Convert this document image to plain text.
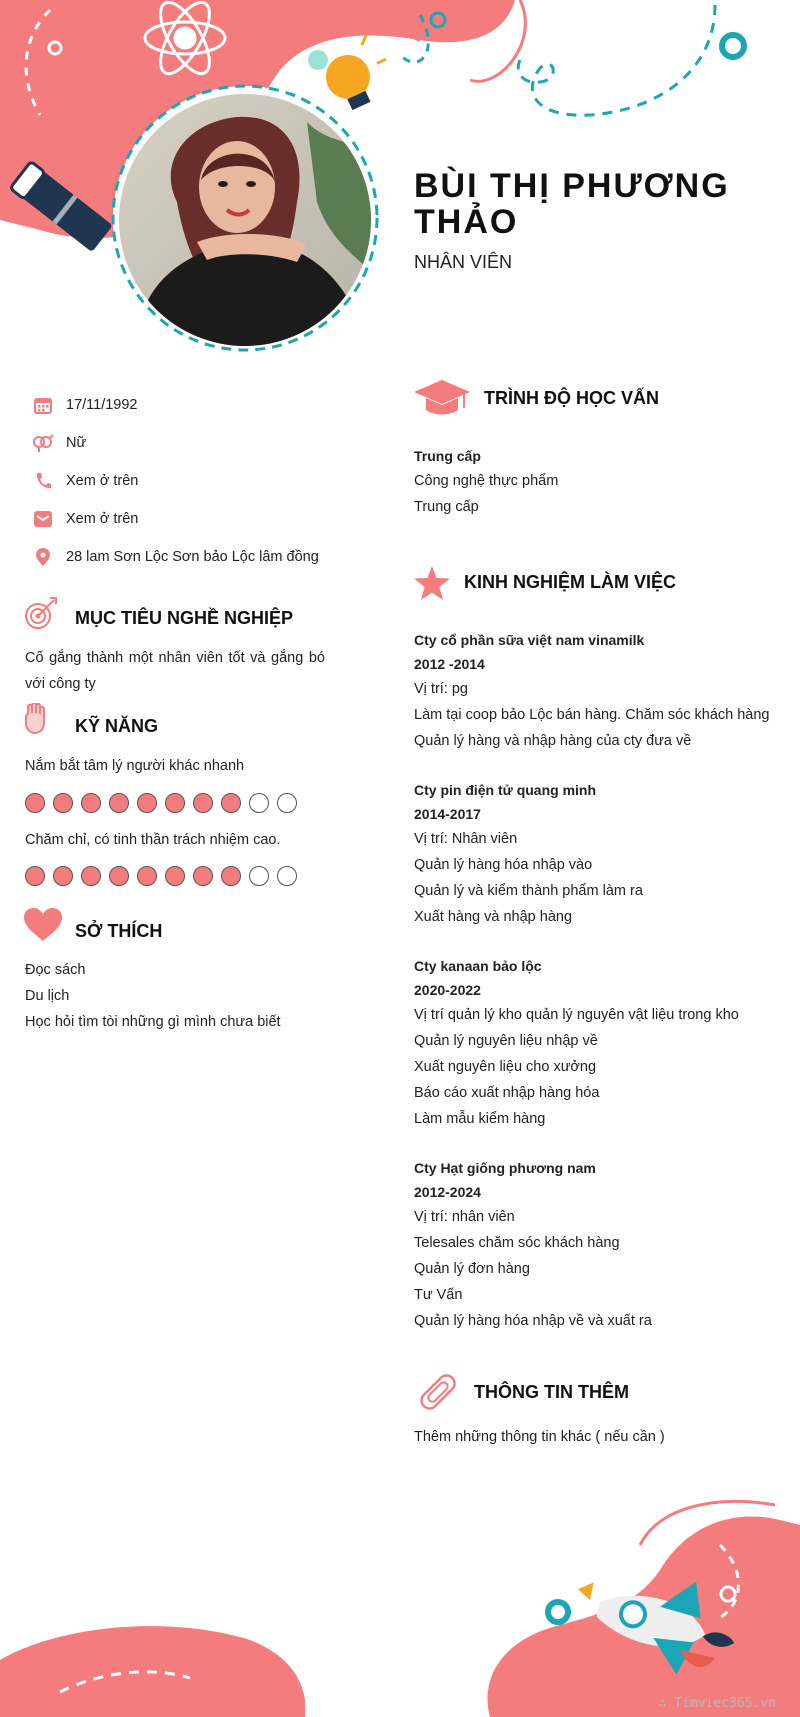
BÙI THỊ PHƯƠNG THẢO
NHÂN VIÊN
17/11/1992
Nữ
Xem ở trên
Xem ở trên
28 lam Sơn Lộc Sơn bảo Lộc lâm đồng
MỤC TIÊU NGHỀ NGHIỆP
Cố gắng thành một nhân viên tốt và gắng bó với công ty
KỸ NĂNG
Nắm bắt tâm lý người khác nhanh
Chăm chỉ, có tinh thần trách nhiệm cao.
SỞ THÍCH
Đọc sách
Du lịch
Học hỏi tìm tòi những gì mình chưa biết
TRÌNH ĐỘ HỌC VẤN
Trung cấp
Công nghệ thực phẩm
Trung cấp
KINH NGHIỆM LÀM VIỆC
Cty cổ phần sữa việt nam vinamilk
2012 -2014
Vị trí: pg
Làm tại coop bảo Lộc bán hàng. Chăm sóc khách hàng
Quản lý hàng và nhập hàng của cty đưa về
Cty pin điện tử quang minh
2014-2017
Vị trí: Nhân viên
Quản lý hàng hóa nhập vào
Quản lý và kiểm thành phẩm làm ra
Xuất hàng và nhập hàng
Cty kanaan bảo lộc
2020-2022
Vị trí quản lý kho quản lý nguyên vật liệu trong kho
Quản lý nguyên liệu nhập về
Xuất nguyên liệu cho xưởng
Báo cáo xuất nhập hàng hóa
Làm mẫu kiểm hàng
Cty Hạt giống phương nam
2012-2024
Vị trí: nhân viên
Telesales chăm sóc khách hàng
Quản lý đơn hàng
Tư Vấn
Quản lý hàng hóa nhập về và xuất ra
THÔNG TIN THÊM
Thêm những thông tin khác ( nếu cần )
∴ Timviec365.vn
